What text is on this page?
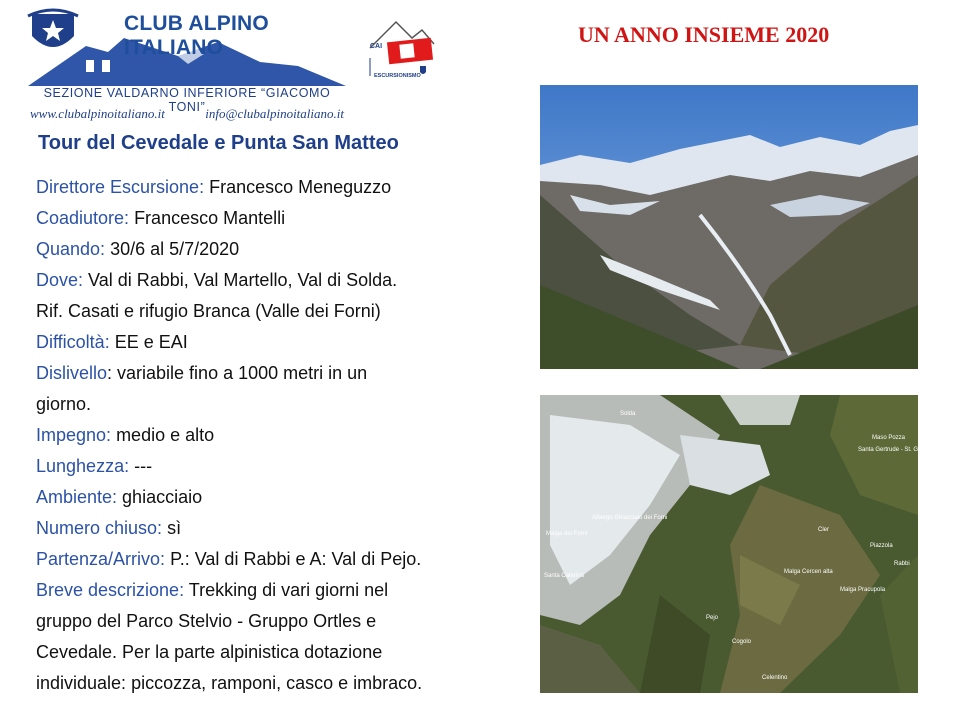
CLUB ALPINO ITALIANO
SEZIONE VALDARNO INFERIORE “GIACOMO TONI”
www.clubalpinoitaliano.it	info@clubalpinoitaliano.it
CAI
ESCURSIONISMO
UN ANNO INSIEME 2020
Tour del Cevedale e Punta San Matteo
Direttore Escursione: Francesco Meneguzzo
Coadiutore: Francesco Mantelli
Quando: 30/6 al 5/7/2020
Dove: Val di Rabbi, Val Martello, Val di Solda.
Rif. Casati e rifugio Branca (Valle dei Forni)
Difficoltà: EE e EAI
Dislivello: variabile fino a 1000 metri in un
giorno.
Impegno: medio e alto
Lunghezza: ---
Ambiente: ghiacciaio
Numero chiuso: sì
Partenza/Arrivo: P.: Val di Rabbi e A: Val di Pejo.
Breve descrizione: Trekking di vari giorni nel
gruppo del Parco Stelvio - Gruppo Ortles e
Cevedale. Per la parte alpinistica dotazione
individuale: piccozza, ramponi, casco e imbraco.
Solda
Albergo Ghiacciaio dei Forni
Malga dei Forni
Santa Caterina
Pejo
Cogolo
Celentino
Malga Cercen alta
Malga Pracupola
Cler
Piazzola
Rabbi
Santa Gertrude - St. Gertraud
Maso Pozza
